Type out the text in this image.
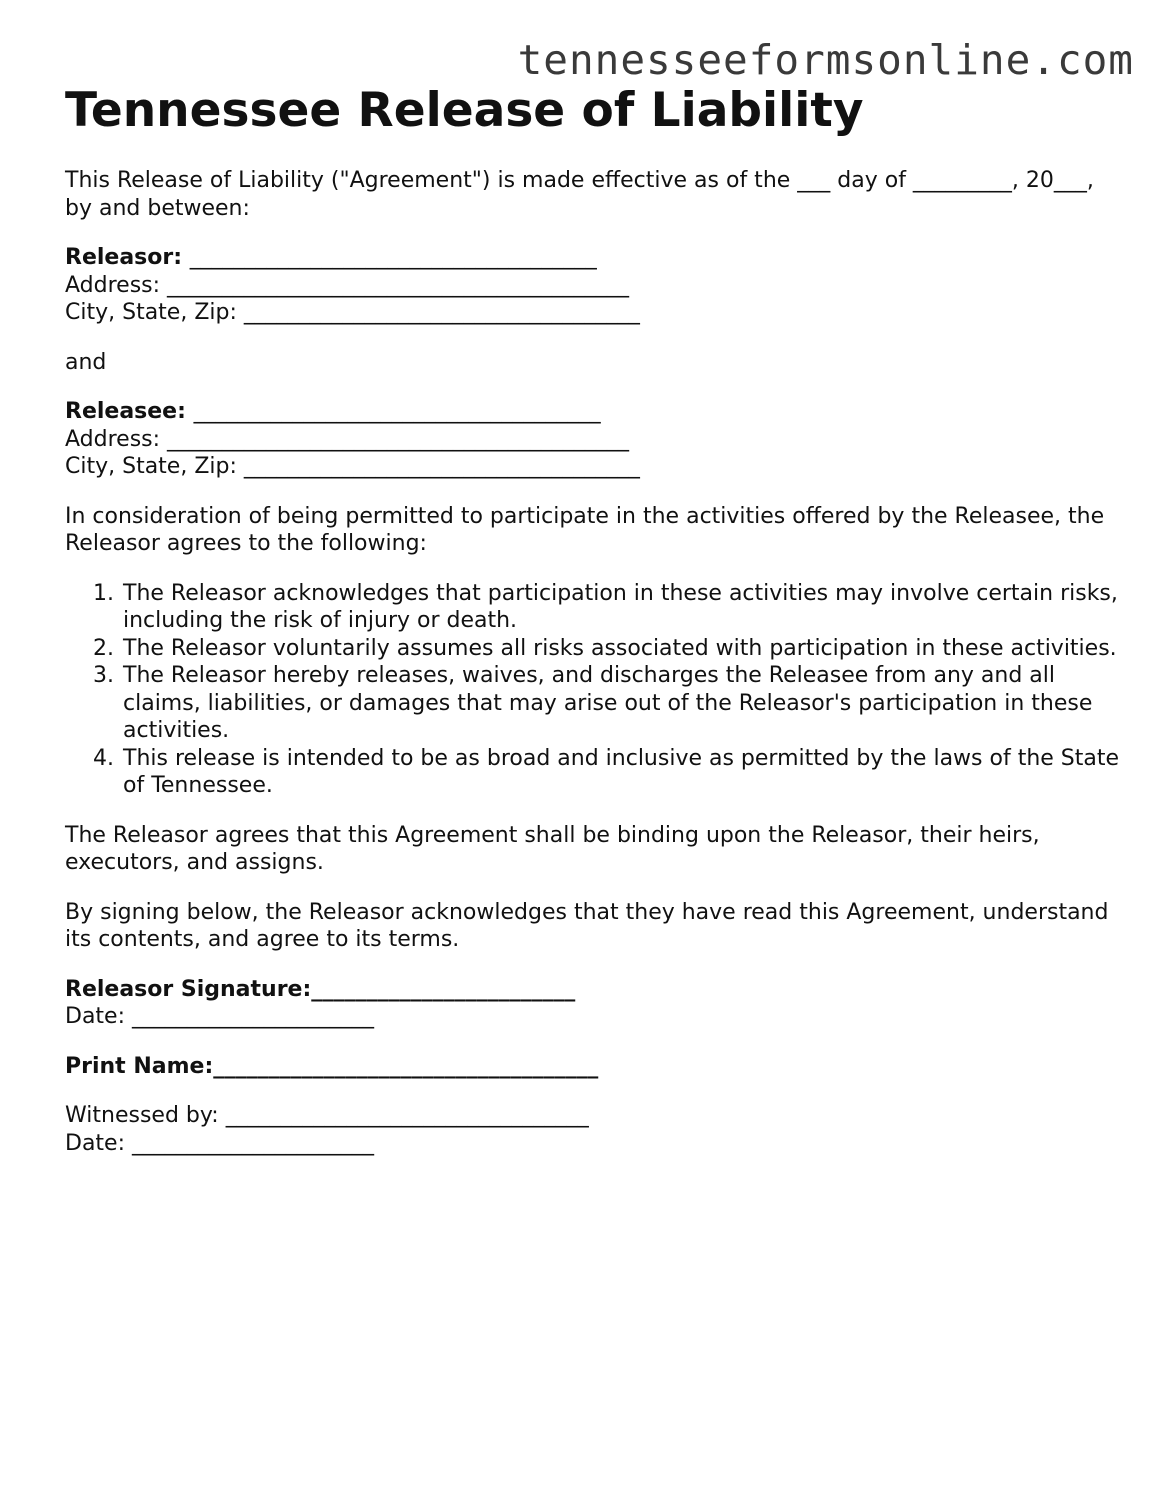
tennesseeformsonline.com
Tennessee Release of Liability

This Release of Liability ("Agreement") is made effective as of the ___ day of _________, 20___, by and between:

Releasor: _____________________________________
Address: __________________________________________
City, State, Zip: ____________________________________

and

Releasee: _____________________________________
Address: __________________________________________
City, State, Zip: ____________________________________

In consideration of being permitted to participate in the activities offered by the Releasee, the Releasor agrees to the following:

1. The Releasor acknowledges that participation in these activities may involve certain risks, including the risk of injury or death.
2. The Releasor voluntarily assumes all risks associated with participation in these activities.
3. The Releasor hereby releases, waives, and discharges the Releasee from any and all claims, liabilities, or damages that may arise out of the Releasor's participation in these activities.
4. This release is intended to be as broad and inclusive as permitted by the laws of the State of Tennessee.

The Releasor agrees that this Agreement shall be binding upon the Releasor, their heirs, executors, and assigns.

By signing below, the Releasor acknowledges that they have read this Agreement, understand its contents, and agree to its terms.

Releasor Signature:________________________
Date: ______________________
Print Name:___________________________________
Witnessed by: _________________________________
Date: ______________________
